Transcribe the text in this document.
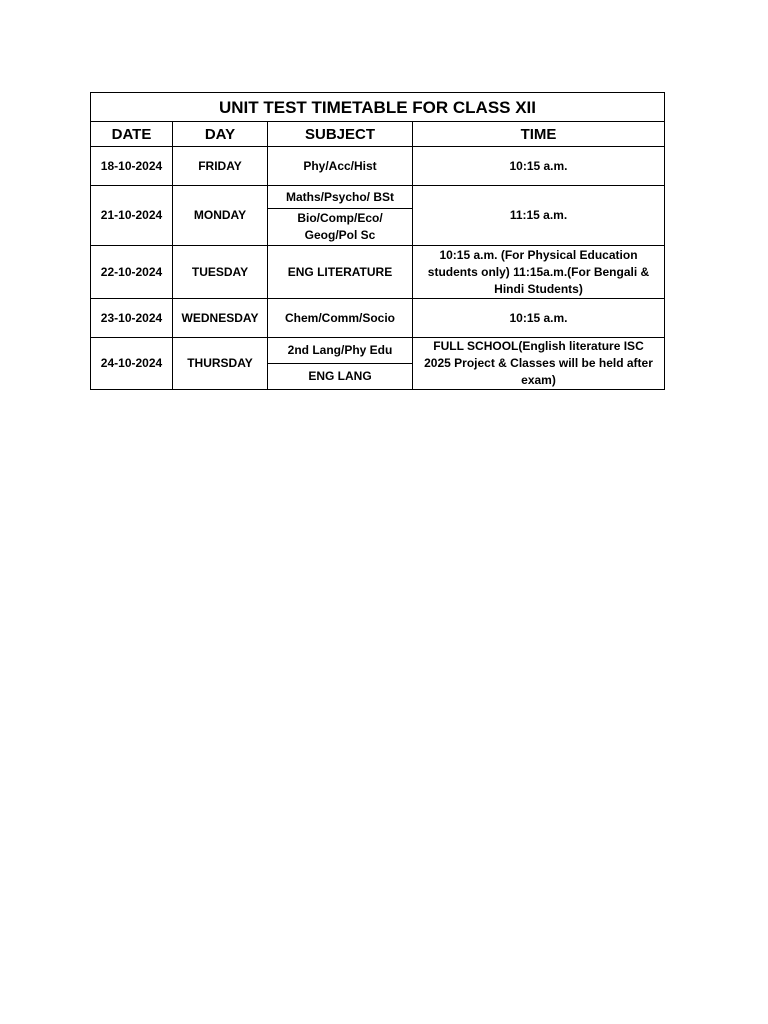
UNIT TEST TIMETABLE FOR CLASS XII			
DATE	DAY	SUBJECT	TIME
18-10-2024	FRIDAY	Phy/Acc/Hist	10:15 a.m.
21-10-2024	MONDAY	Maths/Psycho/ BSt	11:15 a.m.
		Bio/Comp/Eco/ Geog/Pol Sc	
22-10-2024	TUESDAY	ENG LITERATURE	10:15 a.m. (For Physical Education students only) 11:15a.m.(For Bengali & Hindi Students)
23-10-2024	WEDNESDAY	Chem/Comm/Socio	10:15 a.m.
24-10-2024	THURSDAY	2nd Lang/Phy Edu	FULL SCHOOL(English literature ISC 2025 Project & Classes will be held after exam)
		ENG LANG	
